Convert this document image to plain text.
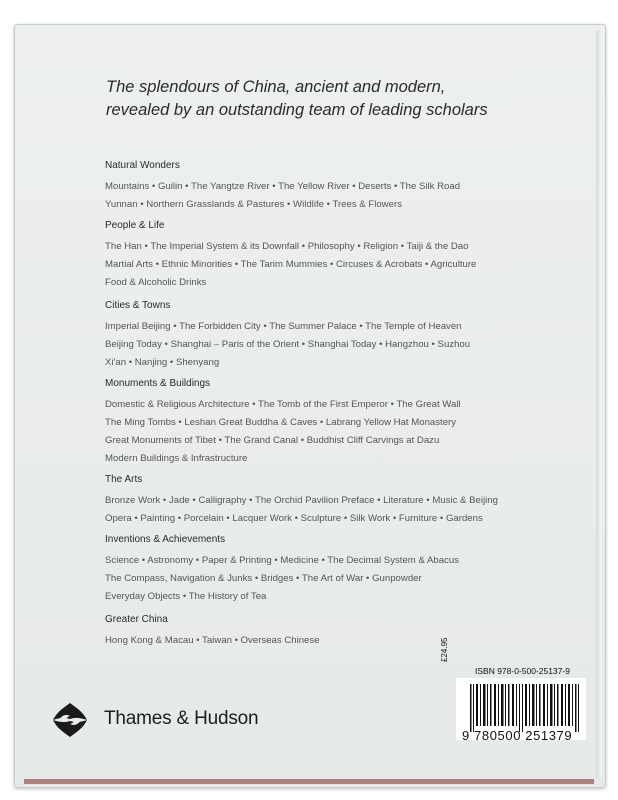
The splendours of China, ancient and modern,
revealed by an outstanding team of leading scholars
Natural Wonders
Mountains • Guilin • The Yangtze River • The Yellow River • Deserts • The Silk Road
Yunnan • Northern Grasslands & Pastures • Wildlife • Trees & Flowers
People & Life
The Han • The Imperial System & its Downfall • Philosophy • Religion • Taiji & the Dao
Martial Arts • Ethnic Minorities • The Tarim Mummies • Circuses & Acrobats • Agriculture
Food & Alcoholic Drinks
Cities & Towns
Imperial Beijing • The Forbidden City • The Summer Palace • The Temple of Heaven
Beijing Today • Shanghai – Paris of the Orient • Shanghai Today • Hangzhou • Suzhou
Xi'an • Nanjing • Shenyang
Monuments & Buildings
Domestic & Religious Architecture • The Tomb of the First Emperor • The Great Wall
The Ming Tombs • Leshan Great Buddha & Caves • Labrang Yellow Hat Monastery
Great Monuments of Tibet • The Grand Canal • Buddhist Cliff Carvings at Dazu
Modern Buildings & Infrastructure
The Arts
Bronze Work • Jade • Calligraphy • The Orchid Pavilion Preface • Literature • Music & Beijing
Opera • Painting • Porcelain • Lacquer Work • Sculpture • Silk Work • Furniture • Gardens
Inventions & Achievements
Science • Astronomy • Paper & Printing • Medicine • The Decimal System & Abacus
The Compass, Navigation & Junks • Bridges • The Art of War • Gunpowder
Everyday Objects • The History of Tea
Greater China
Hong Kong & Macau • Taiwan • Overseas Chinese
Thames & Hudson
£24.95
ISBN 978-0-500-25137-9
9 780500 251379
